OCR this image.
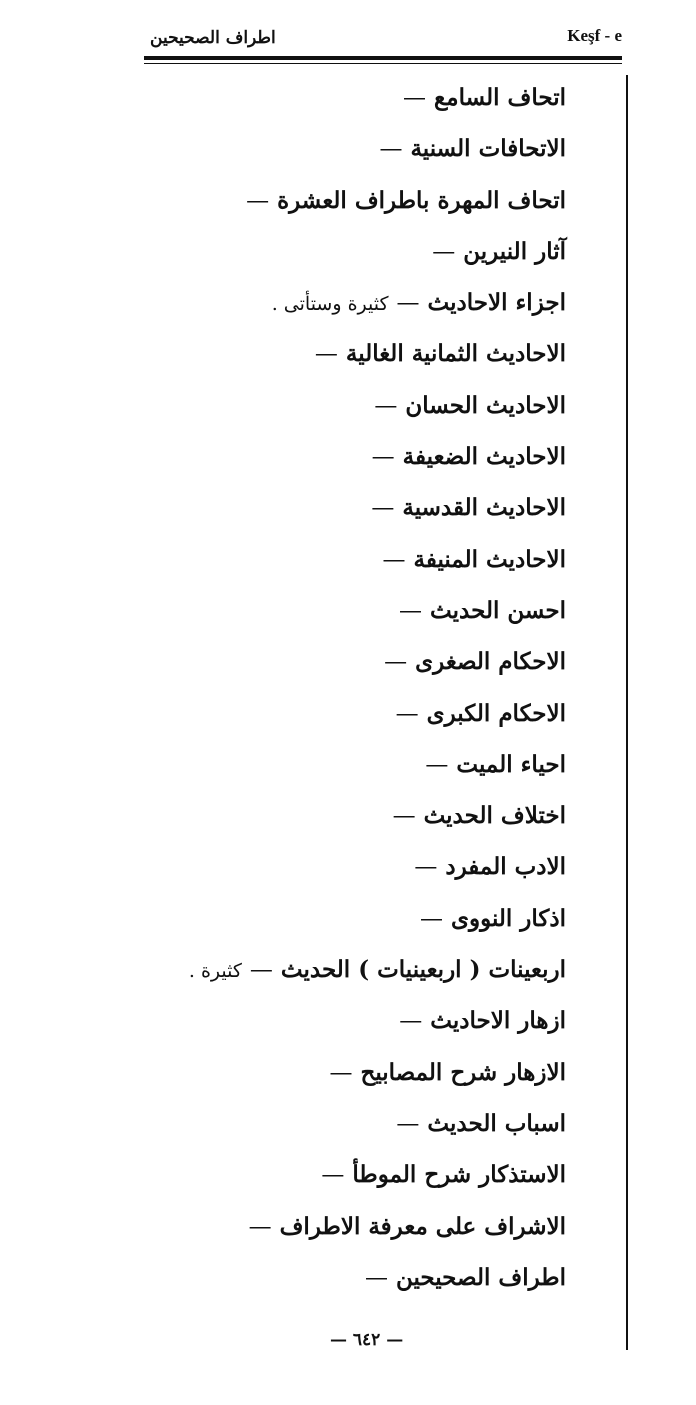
اطراف الصحيحين	Keşf - e
اتحاف السامع—
الاتحافات السنية—
اتحاف المهرة باطراف العشرة—
آثار النيرين—
اجزاء الاحاديث—كثيرة وستأتى .
الاحاديث الثمانية الغالية—
الاحاديث الحسان—
الاحاديث الضعيفة—
الاحاديث القدسية—
الاحاديث المنيفة—
احسن الحديث—
الاحكام الصغرى—
الاحكام الكبرى—
احياء الميت—
اختلاف الحديث—
الادب المفرد—
اذكار النووى—
اربعينات ( اربعينيات ) الحديث—كثيرة .
ازهار الاحاديث—
الازهار شرح المصابيح—
اسباب الحديث—
الاستذكار شرح الموطأ—
الاشراف على معرفة الاطراف—
اطراف الصحيحين—
— ٦٤٢ —
